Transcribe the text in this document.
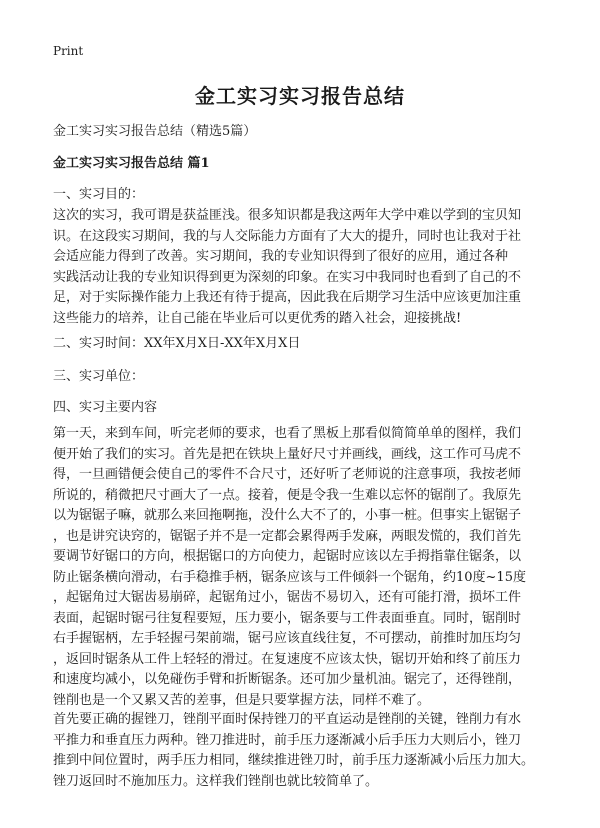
Print
金工实习实习报告总结
金工实习实习报告总结（精选5篇）
金工实习实习报告总结 篇1
一、实习目的：
这次的实习，我可谓是获益匪浅。很多知识都是我这两年大学中难以学到的宝贝知
识。在这段实习期间，我的与人交际能力方面有了大大的提升，同时也让我对于社
会适应能力得到了改善。实习期间，我的专业知识得到了很好的应用，通过各种
实践活动让我的专业知识得到更为深刻的印象。在实习中我同时也看到了自己的不
足，对于实际操作能力上我还有待于提高，因此我在后期学习生活中应该更加注重
这些能力的培养，让自己能在毕业后可以更优秀的踏入社会，迎接挑战!
二、实习时间：XX年X月X日-XX年X月X日
三、实习单位：
四、实习主要内容
第一天，来到车间，听完老师的要求，也看了黑板上那看似简简单单的图样，我们
便开始了我们的实习。首先是把在铁块上量好尺寸并画线，画线，这工作可马虎不
得，一旦画错便会使自己的零件不合尺寸，还好听了老师说的注意事项，我按老师
所说的，稍微把尺寸画大了一点。接着，便是令我一生难以忘怀的锯削了。我原先
以为锯锯子嘛，就那么来回拖啊拖，没什么大不了的，小事一桩。但事实上锯锯子
，也是讲究诀窍的，锯锯子并不是一定都会累得两手发麻，两眼发慌的，我们首先
要调节好锯口的方向，根据锯口的方向使力，起锯时应该以左手拇指靠住锯条，以
防止锯条横向滑动，右手稳推手柄，锯条应该与工件倾斜一个锯角，约10度~15度
，起锯角过大锯齿易崩碎，起锯角过小，锯齿不易切入，还有可能打滑，损坏工件
表面，起锯时锯弓往复程要短，压力要小，锯条要与工件表面垂直。同时，锯削时
右手握锯柄，左手轻握弓架前端，锯弓应该直线往复，不可摆动，前推时加压均匀
，返回时锯条从工件上轻轻的滑过。在复速度不应该太快，锯切开始和终了前压力
和速度均减小，以免碰伤手臂和折断锯条。还可加少量机油。锯完了，还得锉削，
锉削也是一个又累又苦的差事，但是只要掌握方法，同样不难了。
首先要正确的握锉刀，锉削平面时保持锉刀的平直运动是锉削的关键，锉削力有水
平推力和垂直压力两种。锉刀推进时，前手压力逐渐减小后手压力大则后小，锉刀
推到中间位置时，两手压力相同，继续推进锉刀时，前手压力逐渐减小后压力加大。
锉刀返回时不施加压力。这样我们锉削也就比较简单了。
